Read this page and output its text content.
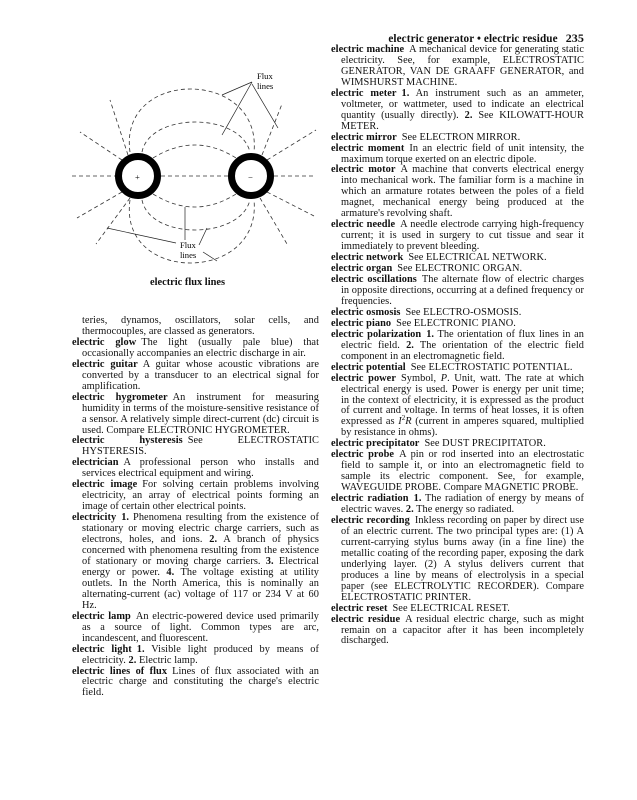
electric generator • electric residue 235
+	−
Flux
lines
Flux
lines
electric flux lines

teries, dynamos, oscillators, solar cells, and thermocouples, are classed as generators.

electric glow The light (usually pale blue) that occasionally accompanies an electric discharge in air.

electric guitar A guitar whose acoustic vibrations are converted by a transducer to an electrical signal for amplification.

electric hygrometer An instrument for measuring humidity in terms of the moisture-sensitive resistance of a sensor. A relatively simple direct-current (dc) circuit is used. Compare ELECTRONIC HYGROMETER.

electric hysteresis See ELECTROSTATIC HYSTERESIS.

electrician A professional person who installs and services electrical equipment and wiring.

electric image For solving certain problems involving electricity, an array of electrical points forming an image of certain other electrical points.

electricity 1. Phenomena resulting from the existence of stationary or moving electric charge carriers, such as electrons, holes, and ions. 2. A branch of physics concerned with phenomena resulting from the existence of stationary or moving charge carriers. 3. Electrical energy or power. 4. The voltage existing at utility outlets. In the North America, this is nominally an alternating-current (ac) voltage of 117 or 234 V at 60 Hz.

electric lamp An electric-powered device used primarily as a source of light. Common types are arc, incandescent, and fluorescent.

electric light 1. Visible light produced by means of electricity. 2. Electric lamp.

electric lines of flux Lines of flux associated with an electric charge and constituting the charge's electric field.

electric machine A mechanical device for generating static electricity. See, for example, ELECTROSTATIC GENERATOR, VAN DE GRAAFF GENERATOR, and WIMSHURST MACHINE.

electric meter 1. An instrument such as an ammeter, voltmeter, or wattmeter, used to indicate an electrical quantity (usually directly). 2. See KILOWATT-HOUR METER.

electric mirror See ELECTRON MIRROR.

electric moment In an electric field of unit intensity, the maximum torque exerted on an electric dipole.

electric motor A machine that converts electrical energy into mechanical work. The familiar form is a machine in which an armature rotates between the poles of a field magnet, mechanical energy being produced at the armature's revolving shaft.

electric needle A needle electrode carrying high-frequency current; it is used in surgery to cut tissue and sear it immediately to prevent bleeding.

electric network See ELECTRICAL NETWORK.

electric organ See ELECTRONIC ORGAN.

electric oscillations The alternate flow of electric charges in opposite directions, occurring at a defined frequency or frequencies.

electric osmosis See ELECTRO-OSMOSIS.

electric piano See ELECTRONIC PIANO.

electric polarization 1. The orientation of flux lines in an electric field. 2. The orientation of the electric field component in an electromagnetic field.

electric potential See ELECTROSTATIC POTENTIAL.

electric power Symbol, P. Unit, watt. The rate at which electrical energy is used. Power is energy per unit time; in the context of electricity, it is expressed as the product of current and voltage. In terms of heat losses, it is often expressed as $I^2R$ (current in amperes squared, multiplied by resistance in ohms).

electric precipitator See DUST PRECIPITATOR.

electric probe A pin or rod inserted into an electrostatic field to sample it, or into an electromagnetic field to sample its electric component. See, for example, WAVEGUIDE PROBE. Compare MAGNETIC PROBE.

electric radiation 1. The radiation of energy by means of electric waves. 2. The energy so radiated.

electric recording Inkless recording on paper by direct use of an electric current. The two principal types are: (1) A current-carrying stylus burns away (in a fine line) the metallic coating of the recording paper, exposing the dark underlying layer. (2) A stylus delivers current that produces a line by means of electrolysis in a special paper (see ELECTROLYTIC RECORDER). Compare ELECTROSTATIC PRINTER.

electric reset See ELECTRICAL RESET.

electric residue A residual electric charge, such as might remain on a capacitor after it has been incompletely discharged.
